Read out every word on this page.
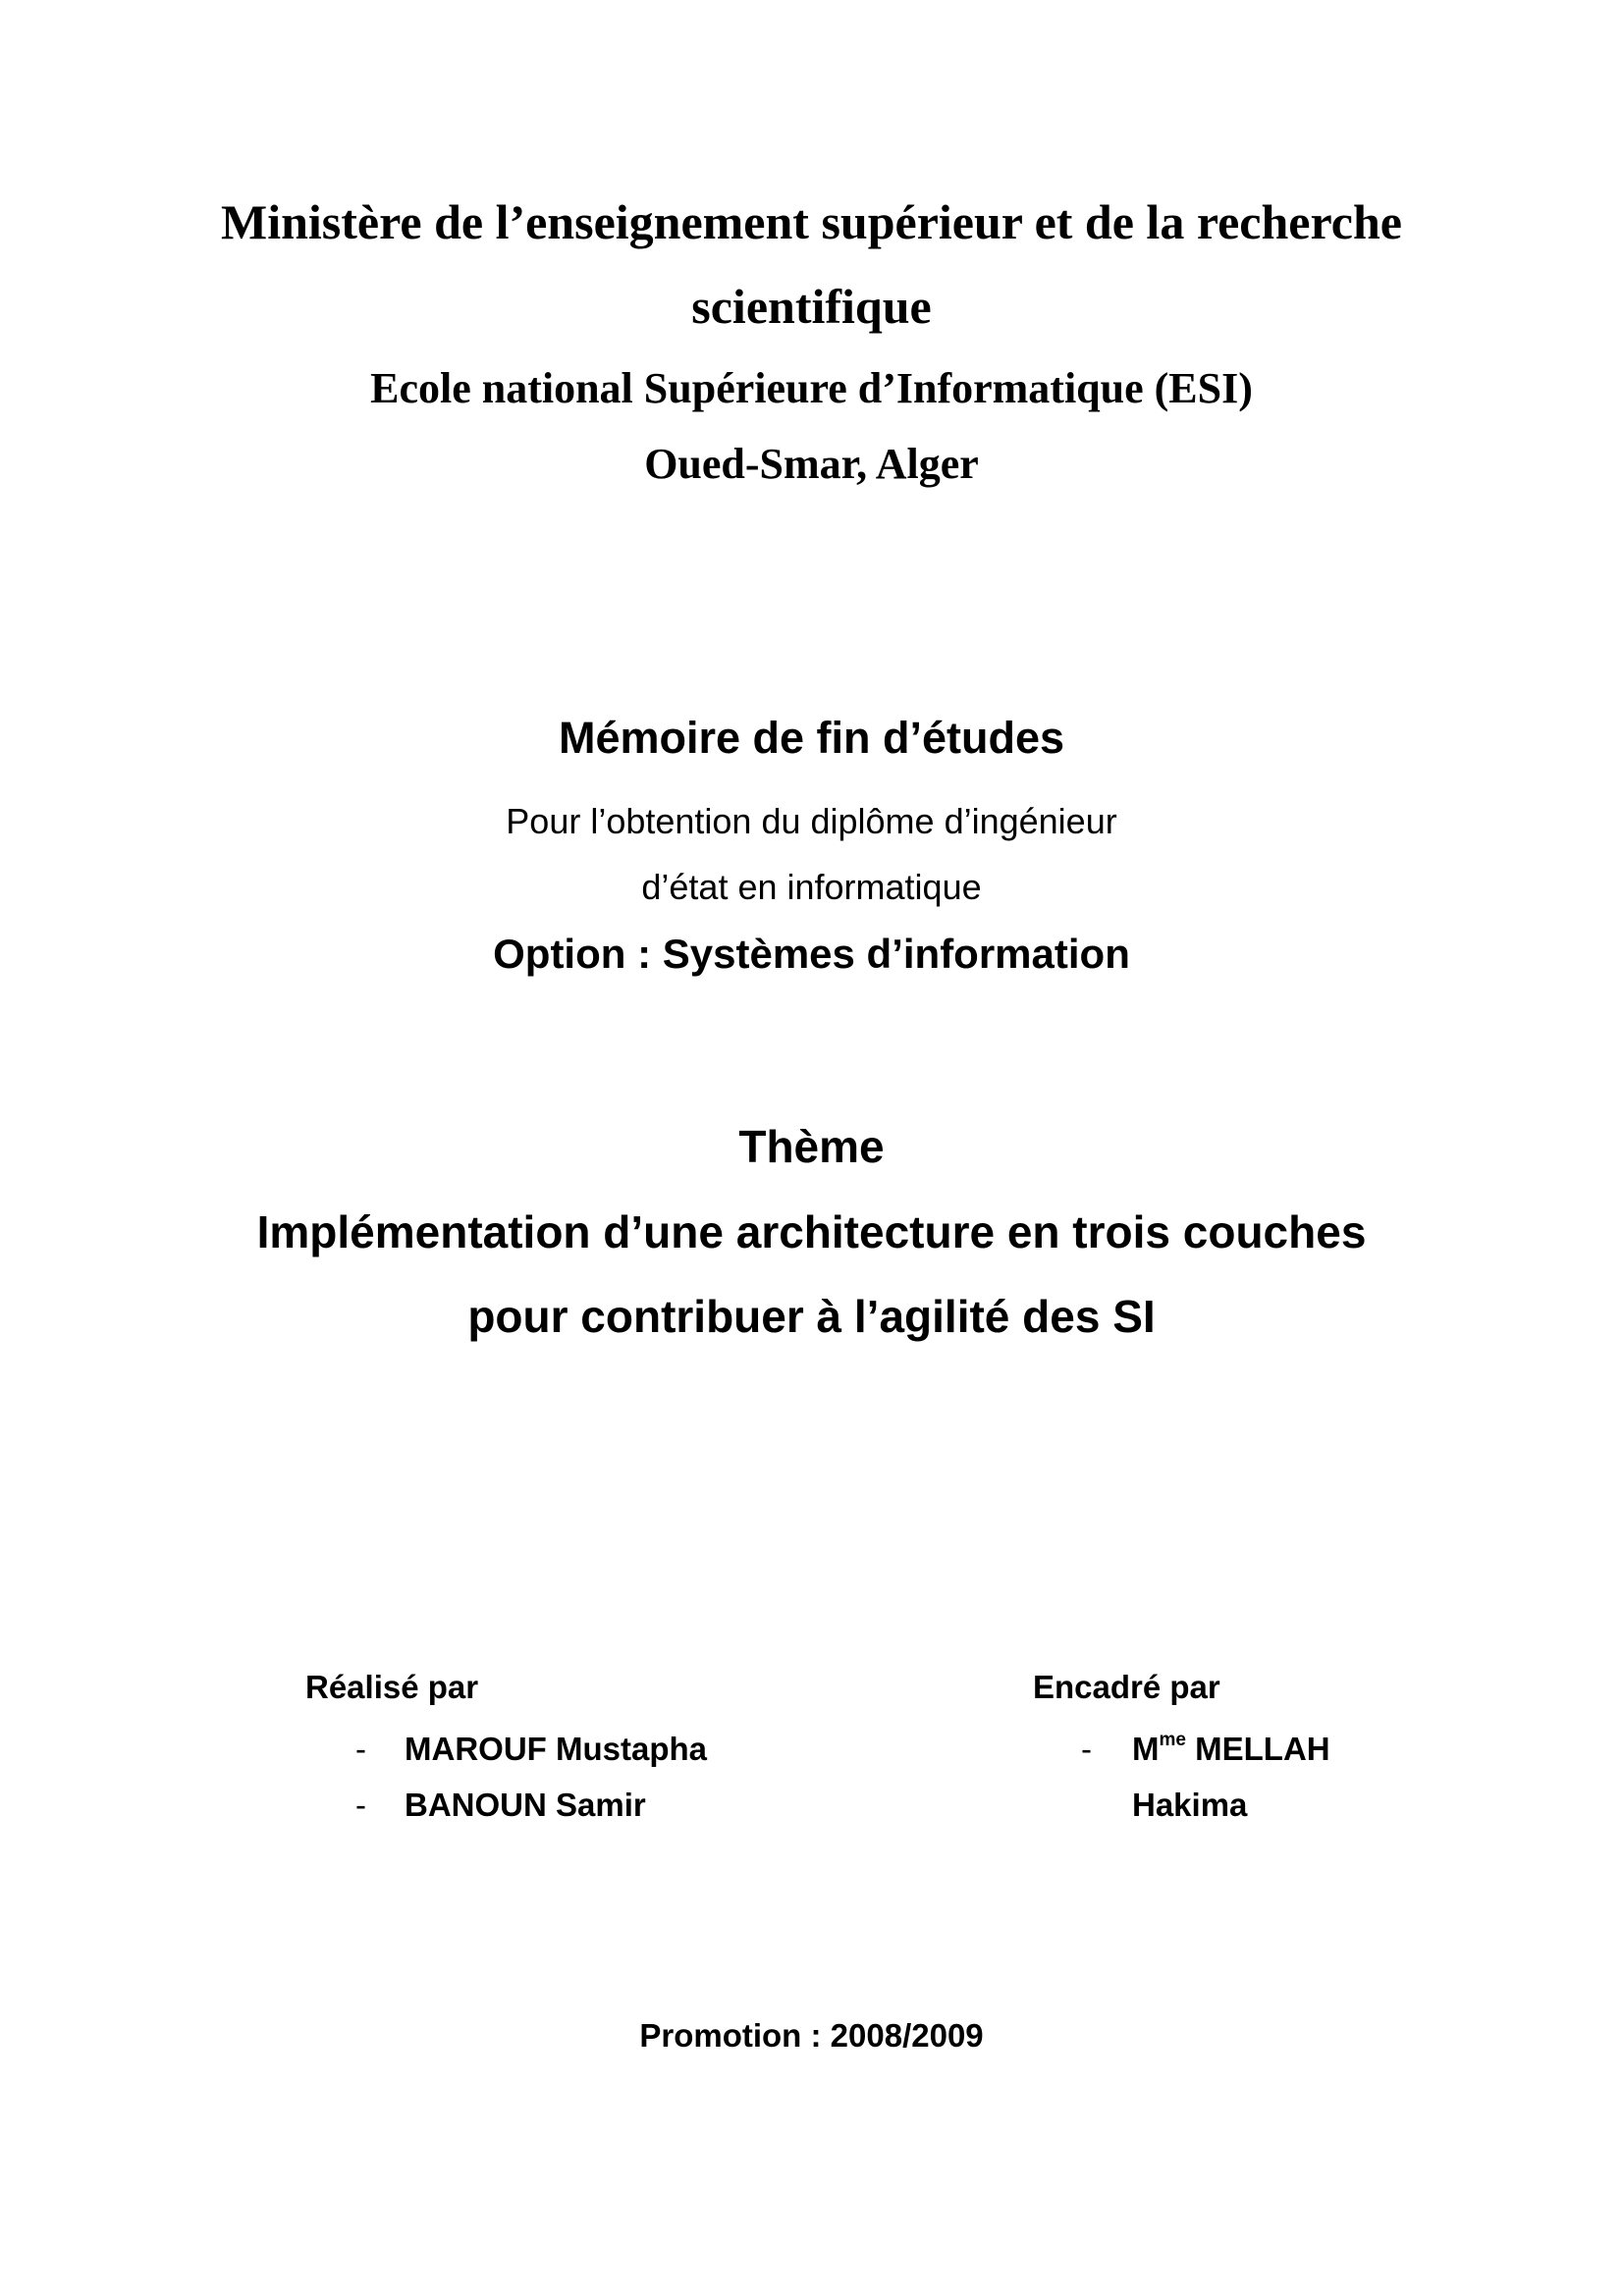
Ministère de l’enseignement supérieur et de la recherche
scientifique
Ecole national Supérieure d’Informatique (ESI)
Oued-Smar, Alger
Mémoire de fin d’études
Pour l’obtention du diplôme d’ingénieur
d’état en informatique
Option : Systèmes d’information
Thème
Implémentation d’une architecture en trois couches
pour contribuer à l’agilité des SI
Réalisé par
- MAROUF Mustapha
- BANOUN Samir
Encadré par
- $M^{me}$ MELLAH
Hakima
Promotion : 2008/2009
